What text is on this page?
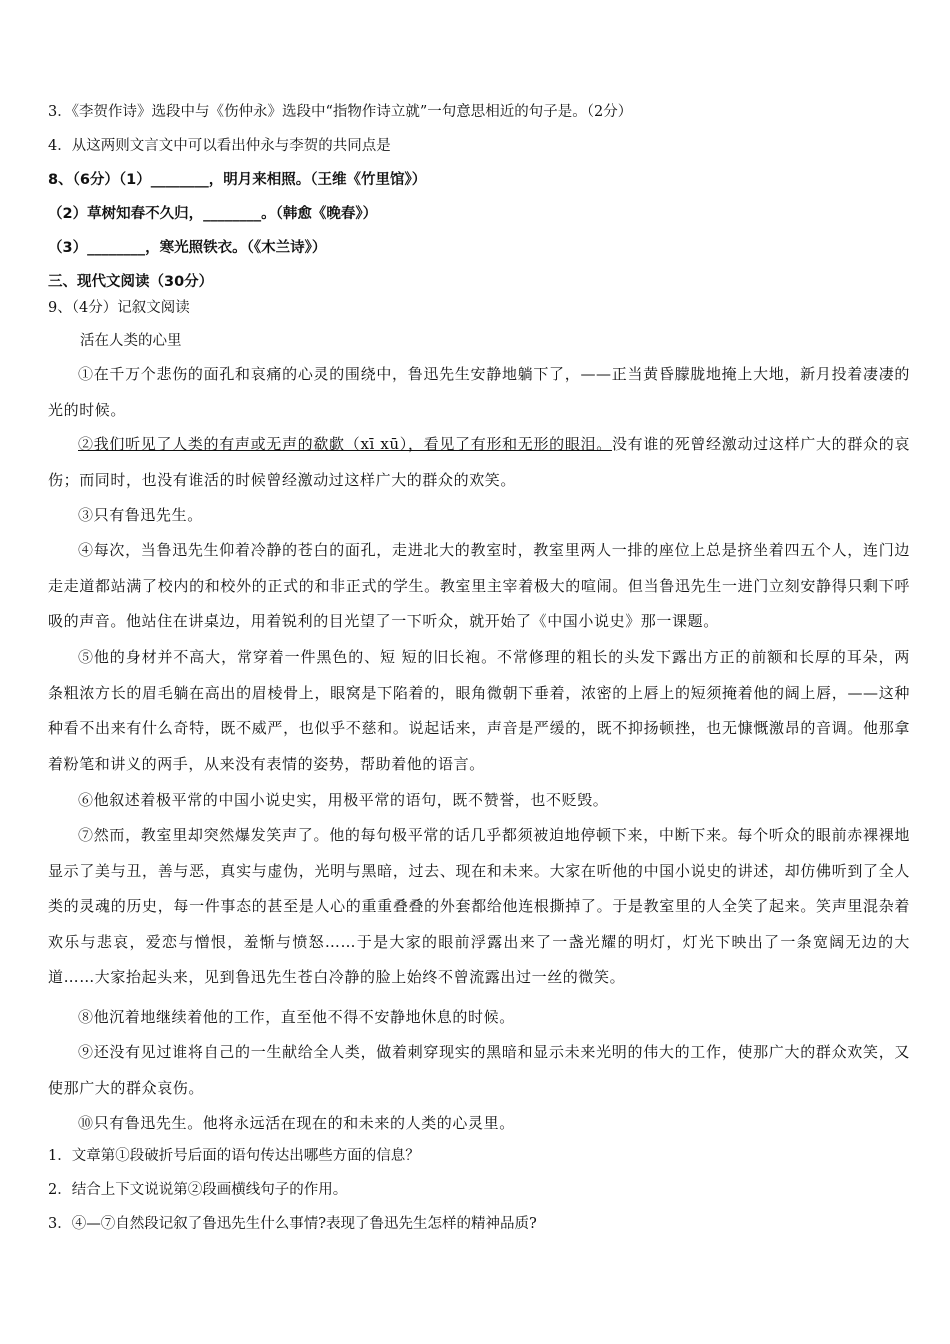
3．《李贺作诗》选段中与《伤仲永》选段中“指物作诗立就”一句意思相近的句子是。（2分）
4．从这两则文言文中可以看出仲永与李贺的共同点是
8、（6分）（1）________，明月来相照。（王维《竹里馆》）
（2）草树知春不久归，________。（韩愈《晚春》）
（3）________，寒光照铁衣。（《木兰诗》）
三、现代文阅读（30分）
9、（4分）记叙文阅读
活在人类的心里
①在千万个悲伤的面孔和哀痛的心灵的围绕中，鲁迅先生安静地躺下了，——正当黄昏朦胧地掩上大地，新月投着凄凄的光的时候。
②我们听见了人类的有声或无声的欷歔（xī xū），看见了有形和无形的眼泪。没有谁的死曾经激动过这样广大的群众的哀伤；而同时，也没有谁活的时候曾经激动过这样广大的群众的欢笑。
③只有鲁迅先生。
④每次，当鲁迅先生仰着冷静的苍白的面孔，走进北大的教室时，教室里两人一排的座位上总是挤坐着四五个人，连门边走走道都站满了校内的和校外的正式的和非正式的学生。教室里主宰着极大的喧闹。但当鲁迅先生一进门立刻安静得只剩下呼吸的声音。他站住在讲桌边，用着锐利的目光望了一下听众，就开始了《中国小说史》那一课题。
⑤他的身材并不高大，常穿着一件黑色的、短 短的旧长袍。不常修理的粗长的头发下露出方正的前额和长厚的耳朵，两条粗浓方长的眉毛躺在高出的眉棱骨上，眼窝是下陷着的，眼角微朝下垂着，浓密的上唇上的短须掩着他的阔上唇，——这种种看不出来有什么奇特，既不威严，也似乎不慈和。说起话来，声音是严缓的，既不抑扬顿挫，也无慷慨激昂的音调。他那拿着粉笔和讲义的两手，从来没有表情的姿势，帮助着他的语言。
⑥他叙述着极平常的中国小说史实，用极平常的语句，既不赞誉，也不贬毁。
⑦然而，教室里却突然爆发笑声了。他的每句极平常的话几乎都须被迫地停顿下来，中断下来。每个听众的眼前赤裸裸地显示了美与丑，善与恶，真实与虚伪，光明与黑暗，过去、现在和未来。大家在听他的中国小说史的讲述，却仿佛听到了全人类的灵魂的历史，每一件事态的甚至是人心的重重叠叠的外套都给他连根撕掉了。于是教室里的人全笑了起来。笑声里混杂着欢乐与悲哀，爱恋与憎恨，羞惭与愤怒……于是大家的眼前浮露出来了一盏光耀的明灯，灯光下映出了一条宽阔无边的大道……大家抬起头来，见到鲁迅先生苍白冷静的脸上始终不曾流露出过一丝的微笑。
⑧他沉着地继续着他的工作，直至他不得不安静地休息的时候。
⑨还没有见过谁将自己的一生献给全人类，做着刺穿现实的黑暗和显示未来光明的伟大的工作，使那广大的群众欢笑，又使那广大的群众哀伤。
⑩只有鲁迅先生。他将永远活在现在的和未来的人类的心灵里。
1．文章第①段破折号后面的语句传达出哪些方面的信息？
2．结合上下文说说第②段画横线句子的作用。
3．④—⑦自然段记叙了鲁迅先生什么事情?表现了鲁迅先生怎样的精神品质?
